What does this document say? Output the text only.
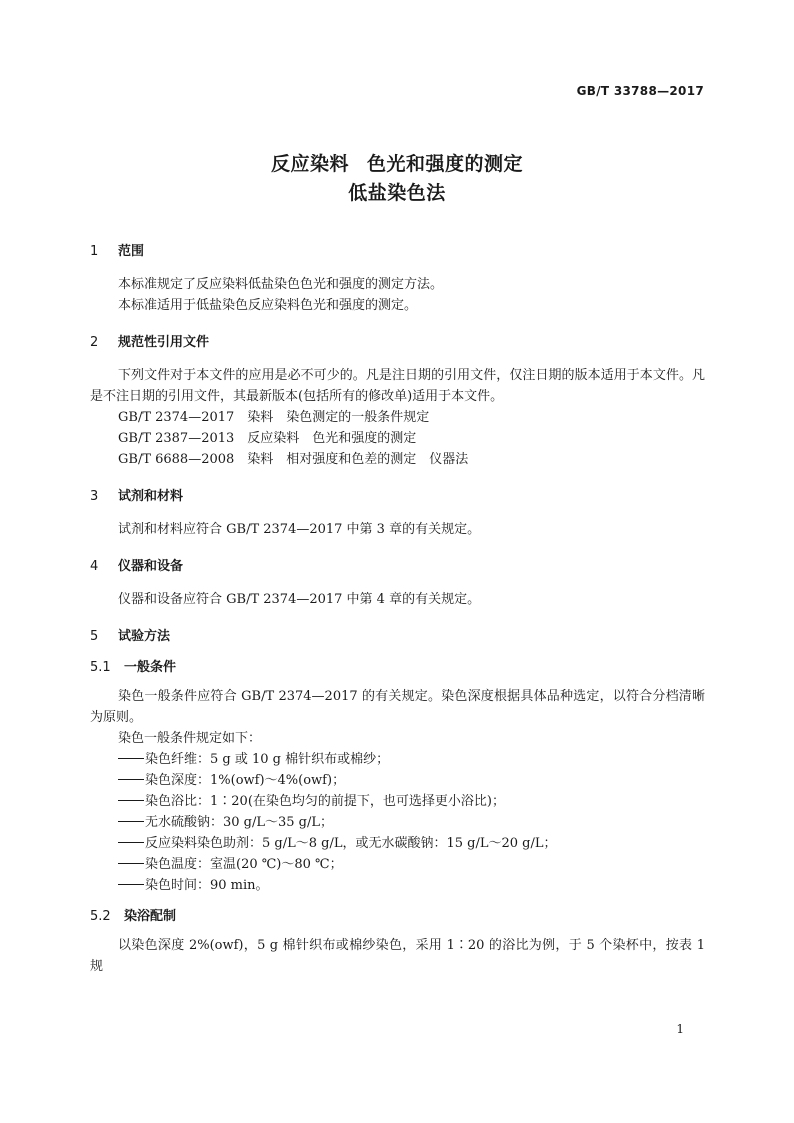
GB/T 33788—2017
反应染料 色光和强度的测定
低盐染色法
1 范围

本标准规定了反应染料低盐染色色光和强度的测定方法。

本标准适用于低盐染色反应染料色光和强度的测定。

2 规范性引用文件

下列文件对于本文件的应用是必不可少的。凡是注日期的引用文件，仅注日期的版本适用于本文件。凡是不注日期的引用文件，其最新版本(包括所有的修改单)适用于本文件。

GB/T 2374—2017　染料　染色测定的一般条件规定
GB/T 2387—2013　反应染料　色光和强度的测定
GB/T 6688—2008　染料　相对强度和色差的测定　仪器法
3 试剂和材料

试剂和材料应符合 GB/T 2374—2017 中第 3 章的有关规定。

4 仪器和设备

仪器和设备应符合 GB/T 2374—2017 中第 4 章的有关规定。

5 试验方法
5.1 一般条件

染色一般条件应符合 GB/T 2374—2017 的有关规定。染色深度根据具体品种选定，以符合分档清晰为原则。

染色一般条件规定如下：

染色纤维：5 g 或 10 g 棉针织布或棉纱；
染色深度：1%(owf)～4%(owf)；
染色浴比：1∶20(在染色均匀的前提下，也可选择更小浴比)；
无水硫酸钠：30 g/L～35 g/L；
反应染料染色助剂：5 g/L～8 g/L，或无水碳酸钠：15 g/L～20 g/L；
染色温度：室温(20 ℃)～80 ℃；
染色时间：90 min。
5.2 染浴配制

以染色深度 2%(owf)，5 g 棉针织布或棉纱染色，采用 1∶20 的浴比为例，于 5 个染杯中，按表 1 规

1
